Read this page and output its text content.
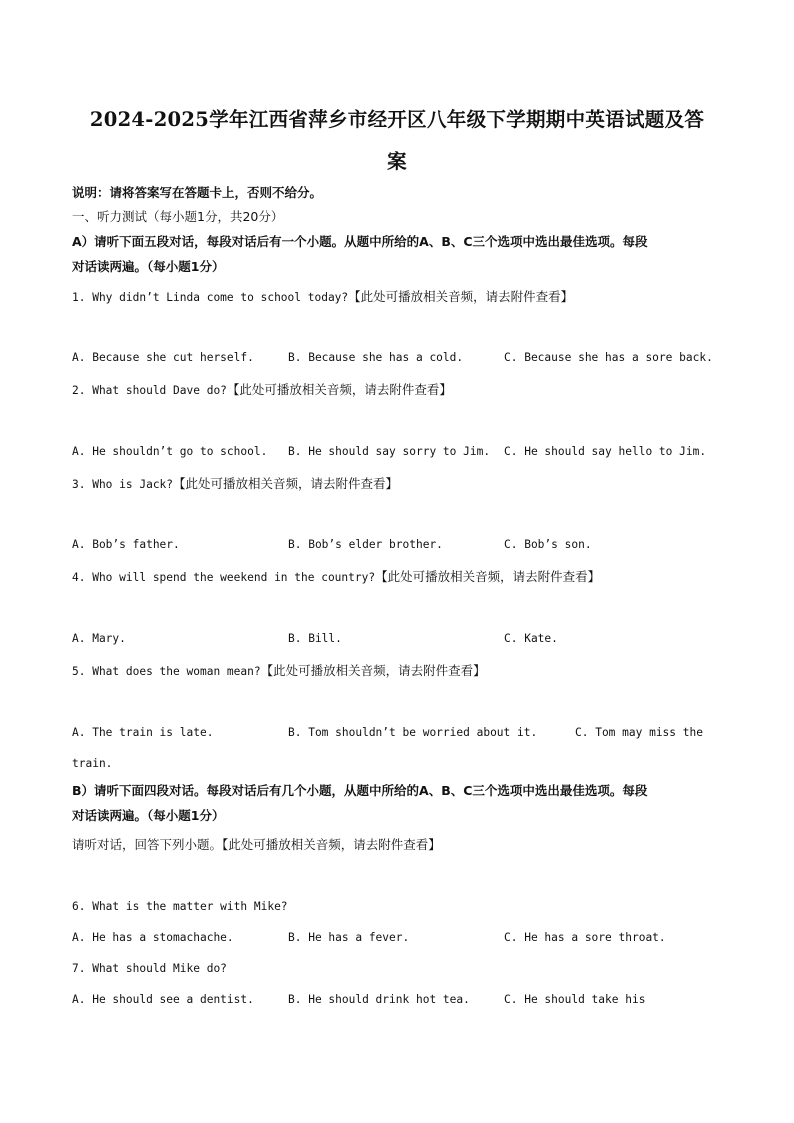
2024-2025学年江西省萍乡市经开区八年级下学期期中英语试题及答
案
说明：请将答案写在答题卡上，否则不给分。
一、听力测试（每小题1分，共20分）
A）请听下面五段对话，每段对话后有一个小题。从题中所给的A、B、C三个选项中选出最佳选项。每段
对话读两遍。（每小题1分）
1. Why didn’t Linda come to school today?【此处可播放相关音频，请去附件查看】
A. Because she cut herself.	B. Because she has a cold.	C. Because she has a sore back.
2. What should Dave do?【此处可播放相关音频，请去附件查看】
A. He shouldn’t go to school. B. He should say sorry to Jim. C. He should say hello to Jim.
3. Who is Jack?【此处可播放相关音频，请去附件查看】
A. Bob’s father.	B. Bob’s elder brother.	C. Bob’s son.
4. Who will spend the weekend in the country?【此处可播放相关音频，请去附件查看】
A. Mary.	B. Bill.	C. Kate.
5. What does the woman mean?【此处可播放相关音频，请去附件查看】
A. The train is late.	B. Tom shouldn’t be worried about it.	C. Tom may miss the
train.
B）请听下面四段对话。每段对话后有几个小题，从题中所给的A、B、C三个选项中选出最佳选项。每段
对话读两遍。（每小题1分）
请听对话，回答下列小题。【此处可播放相关音频，请去附件查看】
6. What is the matter with Mike?
A. He has a stomachache.	B. He has a fever.	C. He has a sore throat.
7. What should Mike do?
A. He should see a dentist.	B. He should drink hot tea.	C. He should take his
